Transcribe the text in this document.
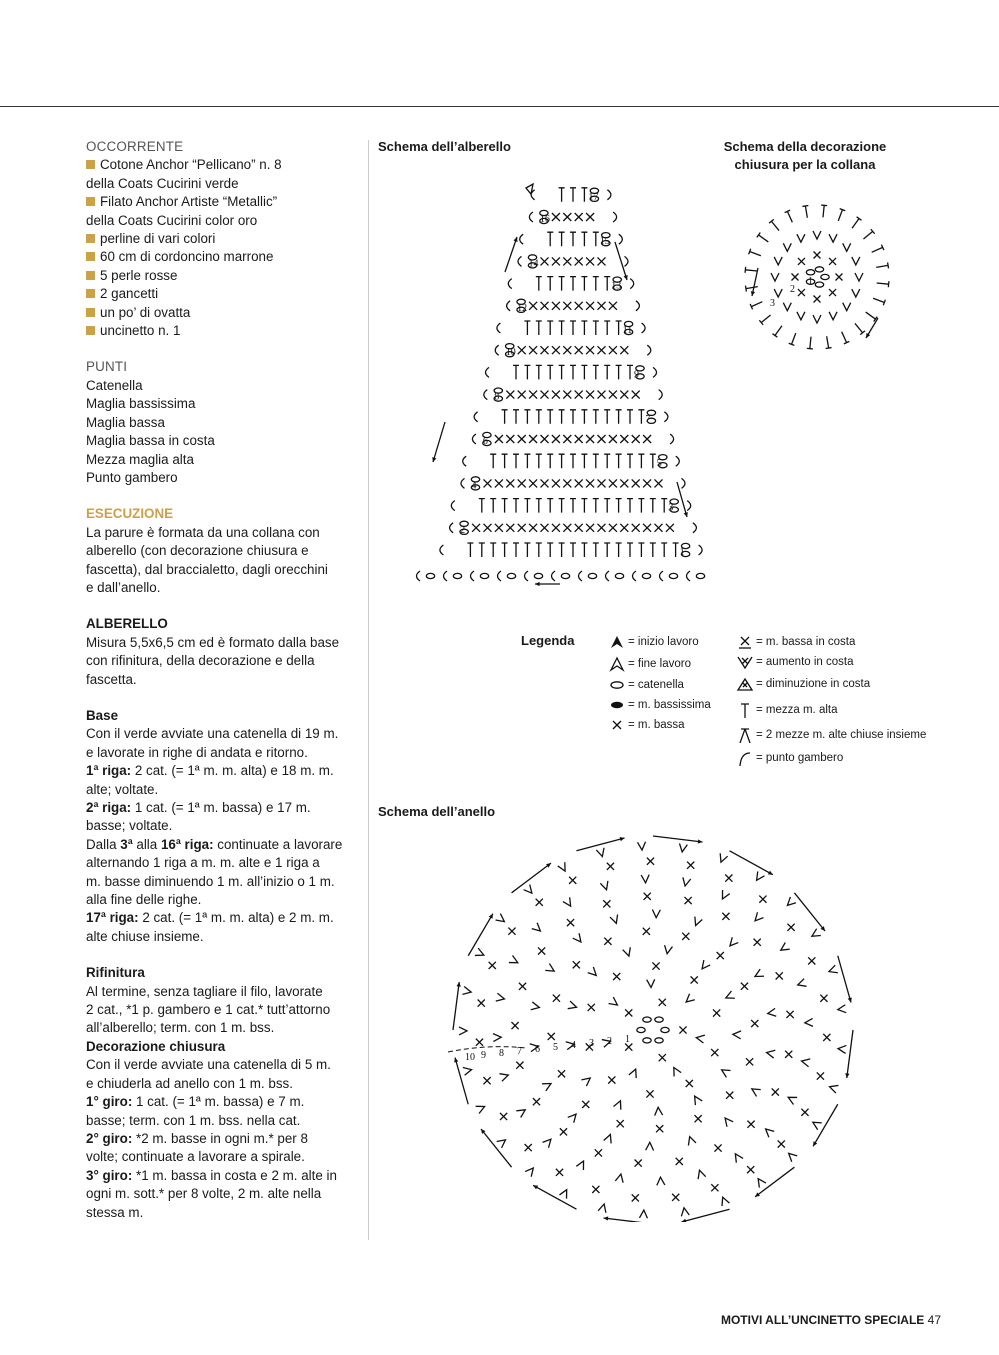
OCCORRENTE

Cotone Anchor “Pellicano” n. 8

della Coats Cucirini verde

Filato Anchor Artiste “Metallic”

della Coats Cucirini color oro

perline di vari colori

60 cm di cordoncino marrone

5 perle rosse

2 gancetti

un po’ di ovatta

uncinetto n. 1

PUNTI

Catenella

Maglia bassissima

Maglia bassa

Maglia bassa in costa

Mezza maglia alta

Punto gambero

ESECUZIONE

La parure è formata da una collana con

alberello (con decorazione chiusura e

fascetta), dal braccialetto, dagli orecchini

e dall’anello.

ALBERELLO

Misura 5,5x6,5 cm ed è formato dalla base

con rifinitura, della decorazione e della

fascetta.

Base

Con il verde avviate una catenella di 19 m.

e lavorate in righe di andata e ritorno.

1ª riga: 2 cat. (= 1ª m. m. alta) e 18 m. m.

alte; voltate.

2ª riga: 1 cat. (= 1ª m. bassa) e 17 m.

basse; voltate.

Dalla 3ª alla 16ª riga: continuate a lavorare

alternando 1 riga a m. m. alte e 1 riga a

m. basse diminuendo 1 m. all’inizio o 1 m.

alla fine delle righe.

17ª riga: 2 cat. (= 1ª m. m. alta) e 2 m. m.

alte chiuse insieme.

Rifinitura

Al termine, senza tagliare il filo, lavorate

2 cat., *1 p. gambero e 1 cat.* tutt’attorno

all’alberello; term. con 1 m. bss.

Decorazione chiusura

Con il verde avviate una catenella di 5 m.

e chiuderla ad anello con 1 m. bss.

1° giro: 1 cat. (= 1ª m. bassa) e 7 m.

basse; term. con 1 m. bss. nella cat.

2° giro: *2 m. basse in ogni m.* per 8

volte; continuate a lavorare a spirale.

3° giro: *1 m. bassa in costa e 2 m. alte in

ogni m. sott.* per 8 volte, 2 m. alte nella

stessa m.

Schema dell’alberello	Schema della decorazione
chiusura per la collana
Schema dell’anello
1
2
3
4
5
6
7
8
9
10
11
12
13
14
15
16
17
2
3
1
Legenda	= inizio lavoro
= fine lavoro
= catenella
= m. bassissima
= m. bassa
= m. bassa in costa
= aumento in costa
= diminuzione in costa
= mezza m. alta
= 2 mezze m. alte chiuse insieme
= punto gambero
1
2
3
4
5
6
7
8
9
10
MOTIVI ALL’UNCINETTO SPECIALE 47
